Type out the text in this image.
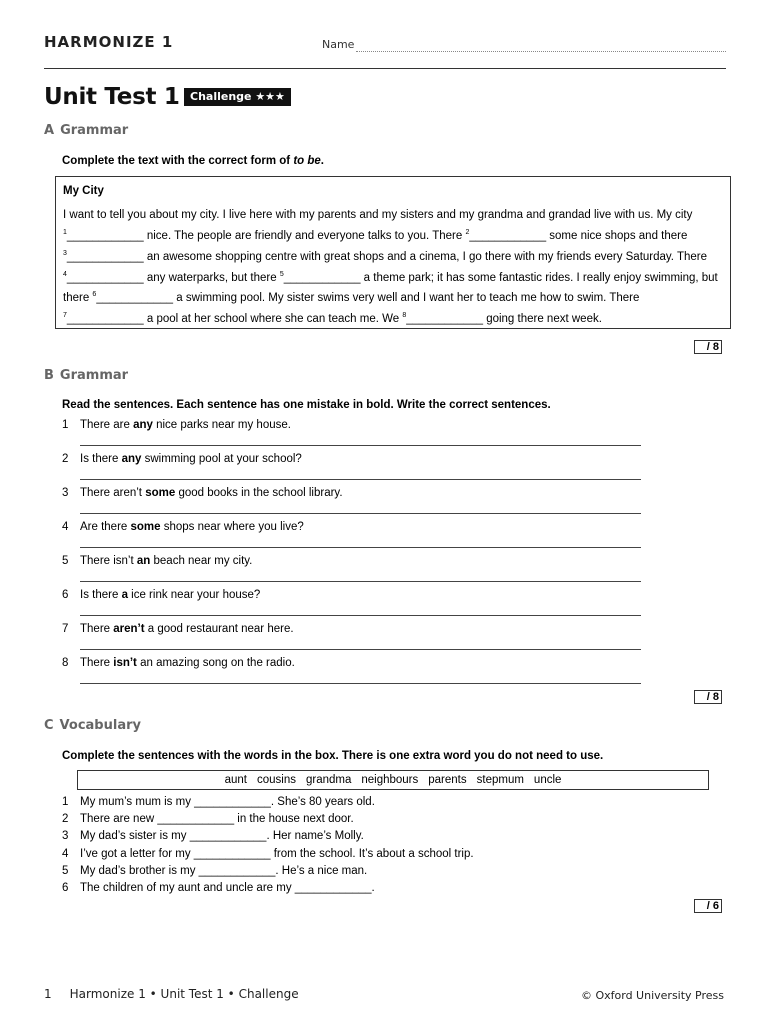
HARMONIZE 1	Name
Unit Test 1 Challenge ★★★
A Grammar
Complete the text with the correct form of to be.
My City

I want to tell you about my city. I live here with my parents and my sisters and my grandma and grandad live with us. My city $^1$____________ nice. The people are friendly and everyone talks to you. There $^2$____________ some nice shops and there $^3$____________ an awesome shopping centre with great shops and a cinema, I go there with my friends every Saturday. There $^4$____________ any waterparks, but there $^5$____________ a theme park; it has some fantastic rides. I really enjoy swimming, but there $^6$____________ a swimming pool. My sister swims very well and I want her to teach me how to swim. There $^7$____________ a pool at her school where she can teach me. We $^8$____________ going there next week.

/ 8
B Grammar
Read the sentences. Each sentence has one mistake in bold. Write the correct sentences.
1 There are any nice parks near my house.
2 Is there any swimming pool at your school?
3 There aren’t some good books in the school library.
4 Are there some shops near where you live?
5 There isn’t an beach near my city.
6 Is there a ice rink near your house?
7 There aren’t a good restaurant near here.
8 There isn’t an amazing song on the radio.
/ 8
C Vocabulary
Complete the sentences with the words in the box. There is one extra word you do not need to use.
aunt cousins grandma neighbours parents stepmum uncle
1 My mum’s mum is my ____________. She’s 80 years old.
2 There are new ____________ in the house next door.
3 My dad’s sister is my ____________. Her name’s Molly.
4 I’ve got a letter for my ____________ from the school. It’s about a school trip.
5 My dad’s brother is my ____________. He’s a nice man.
6 The children of my aunt and uncle are my ____________.
/ 6
1 Harmonize 1 • Unit Test 1 • Challenge	© Oxford University Press
